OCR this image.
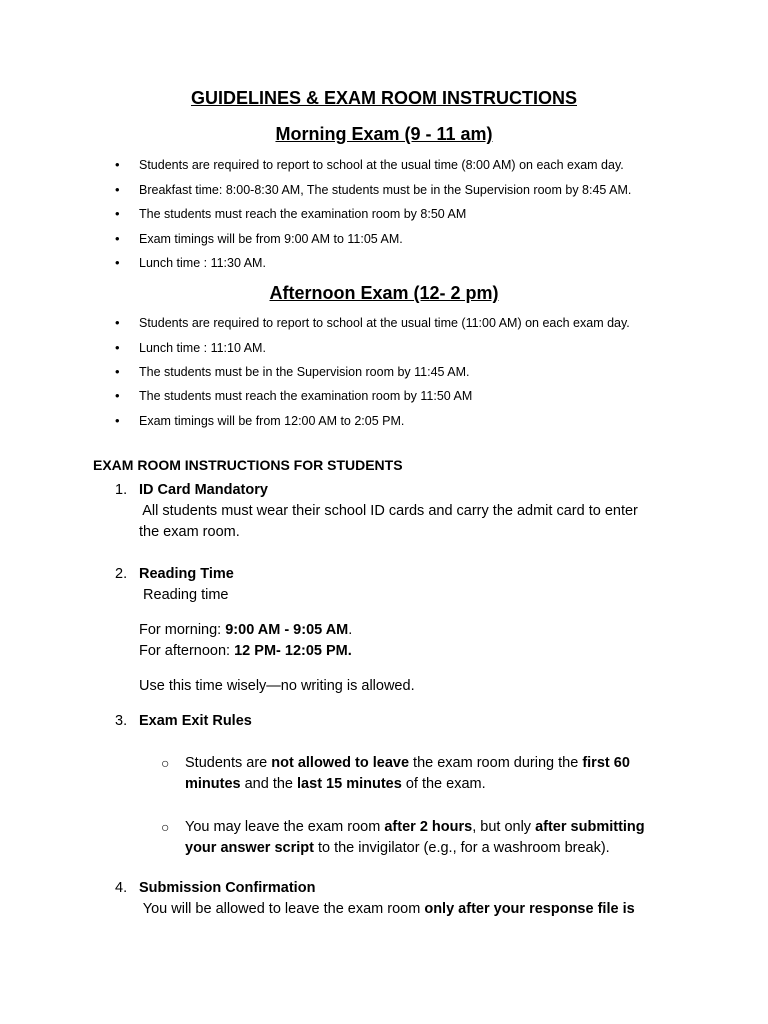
GUIDELINES & EXAM ROOM INSTRUCTIONS
Morning Exam (9 - 11 am)
• Students are required to report to school at the usual time (8:00 AM) on each exam day.
• Breakfast time: 8:00-8:30 AM, The students must be in the Supervision room by 8:45 AM.
• The students must reach the examination room by 8:50 AM
• Exam timings will be from 9:00 AM to 11:05 AM.
• Lunch time : 11:30 AM.
Afternoon Exam (12- 2 pm)
• Students are required to report to school at the usual time (11:00 AM) on each exam day.
• Lunch time : 11:10 AM.
• The students must be in the Supervision room by 11:45 AM.
• The students must reach the examination room by 11:50 AM
• Exam timings will be from 12:00 AM to 2:05 PM.
EXAM ROOM INSTRUCTIONS FOR STUDENTS
1. ID Card Mandatory
All students must wear their school ID cards and carry the admit card to enter
the exam room.
2. Reading Time
Reading time
For morning: 9:00 AM - 9:05 AM.
For afternoon: 12 PM- 12:05 PM.
Use this time wisely—no writing is allowed.
3. Exam Exit Rules
○ Students are not allowed to leave the exam room during the first 60
minutes and the last 15 minutes of the exam.
○ You may leave the exam room after 2 hours, but only after submitting
your answer script to the invigilator (e.g., for a washroom break).
4. Submission Confirmation
You will be allowed to leave the exam room only after your response file is
